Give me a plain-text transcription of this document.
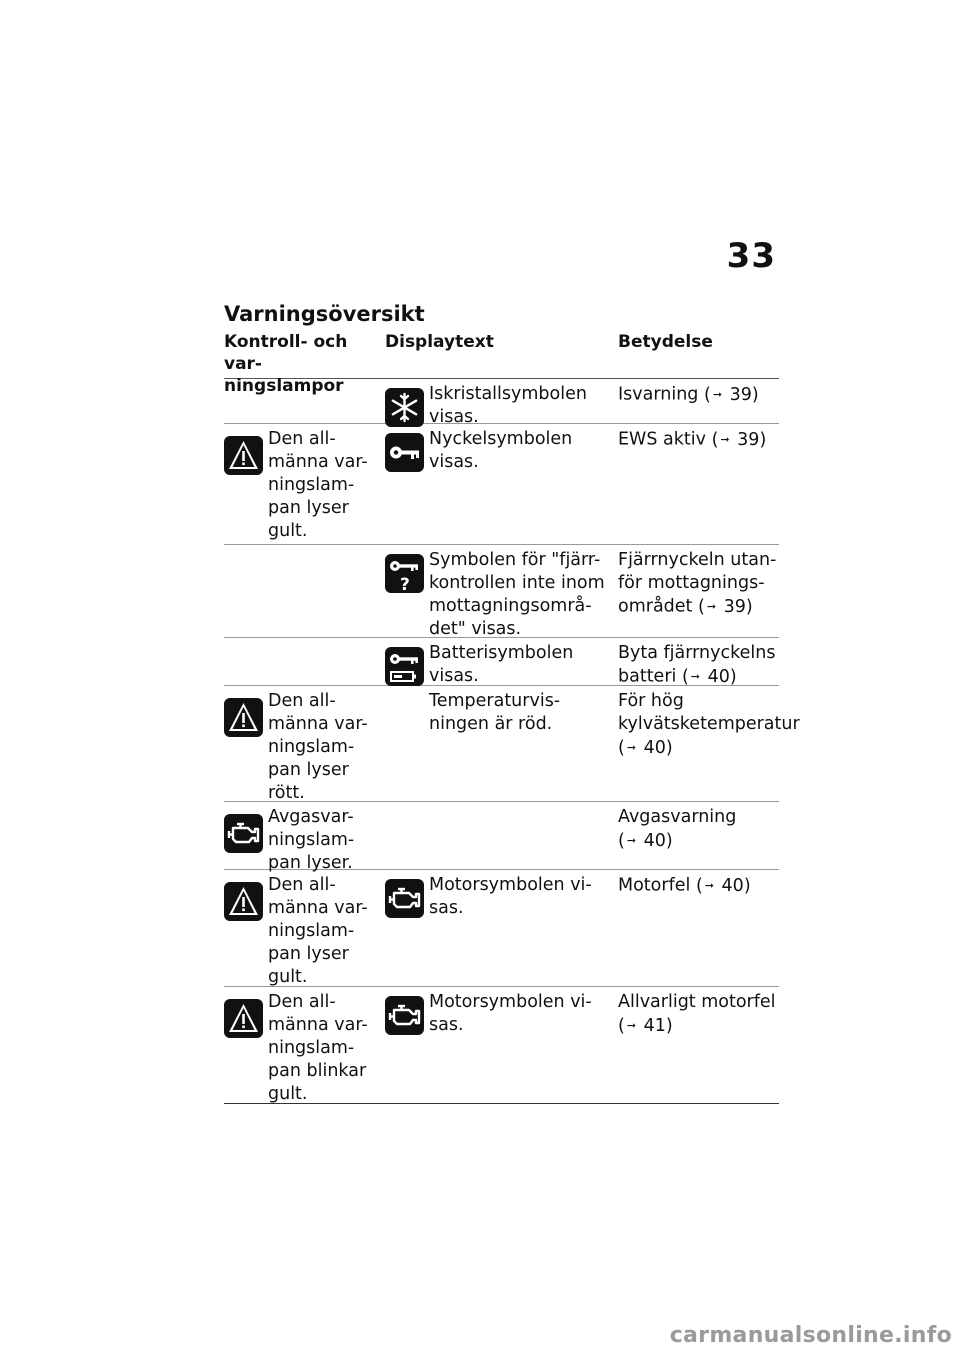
33
Varningsöversikt
Kontroll- och var-
ningslampor
Displaytext	Betydelse
Iskristallsymbolen visas.
Isvarning ( ➞ 39)
Den all-
männa var-
ningslam-
pan lyser
gult.
Nyckelsymbolen visas.
EWS aktiv ( ➞ 39)
?
Symbolen för "fjärr-kontrollen inte inom mottagningsområ-det" visas.
Fjärrnyckeln utan-för mottagnings-området ( ➞ 39)
Batterisymbolen visas.
Byta fjärrnyckelns batteri ( ➞ 40)
Den all-
männa var-
ningslam-
pan lyser
rött.
Temperaturvis-ningen är röd.
För hög kylvätsketemperatur ( ➞ 40)
Avgasvar-
ningslam-
pan lyser.
Avgasvarning ( ➞ 40)
Den all-
männa var-
ningslam-
pan lyser
gult.
Motorsymbolen vi-sas.
Motorfel ( ➞ 40)
Den all-
männa var-
ningslam-
pan blinkar
gult.
Motorsymbolen vi-sas.
Allvarligt motorfel ( ➞ 41)
carmanualsonline.info
